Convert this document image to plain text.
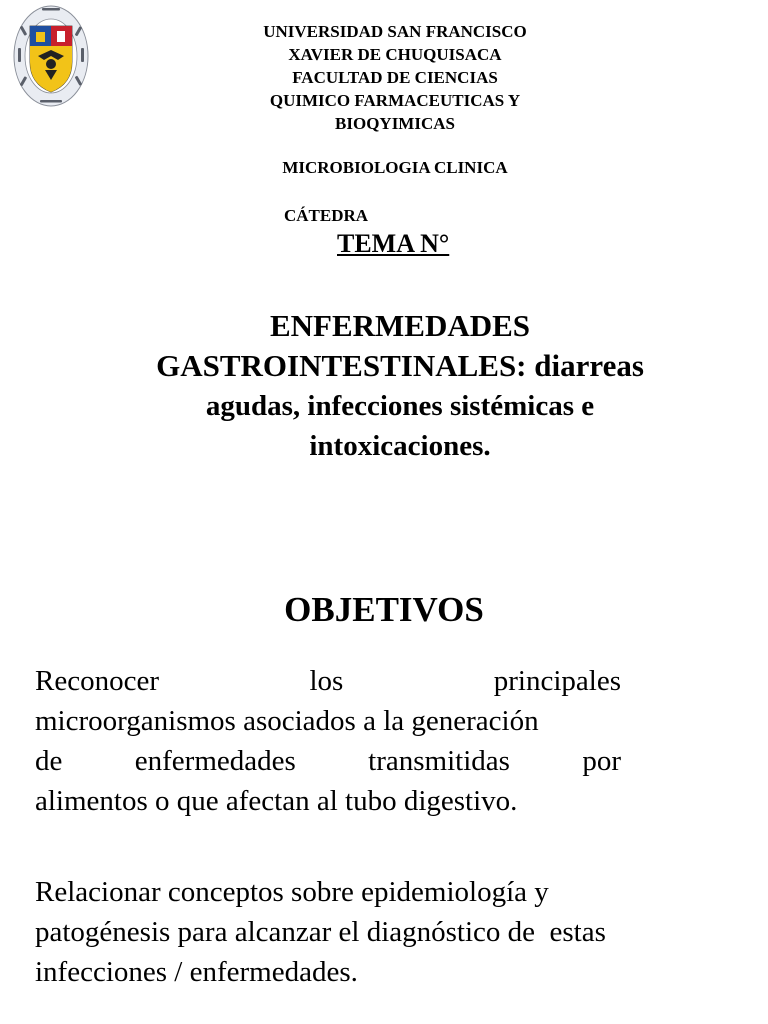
UNIVERSIDAD SAN FRANCISCO
XAVIER DE CHUQUISACA
FACULTAD DE CIENCIAS
QUIMICO FARMACEUTICAS Y
BIOQYIMICAS
MICROBIOLOGIA CLINICA
CÁTEDRA
TEMA N°
ENFERMEDADES
GASTROINTESTINALES: diarreas
agudas, infecciones sistémicas e
intoxicaciones.
OBJETIVOS
Reconocer	los	principales
microorganismos asociados a la generación
de enfermedades transmitidas por
alimentos o que afectan al tubo digestivo.
Relacionar conceptos sobre epidemiología y
patogénesis para alcanzar el diagnóstico de  estas
infecciones / enfermedades.
